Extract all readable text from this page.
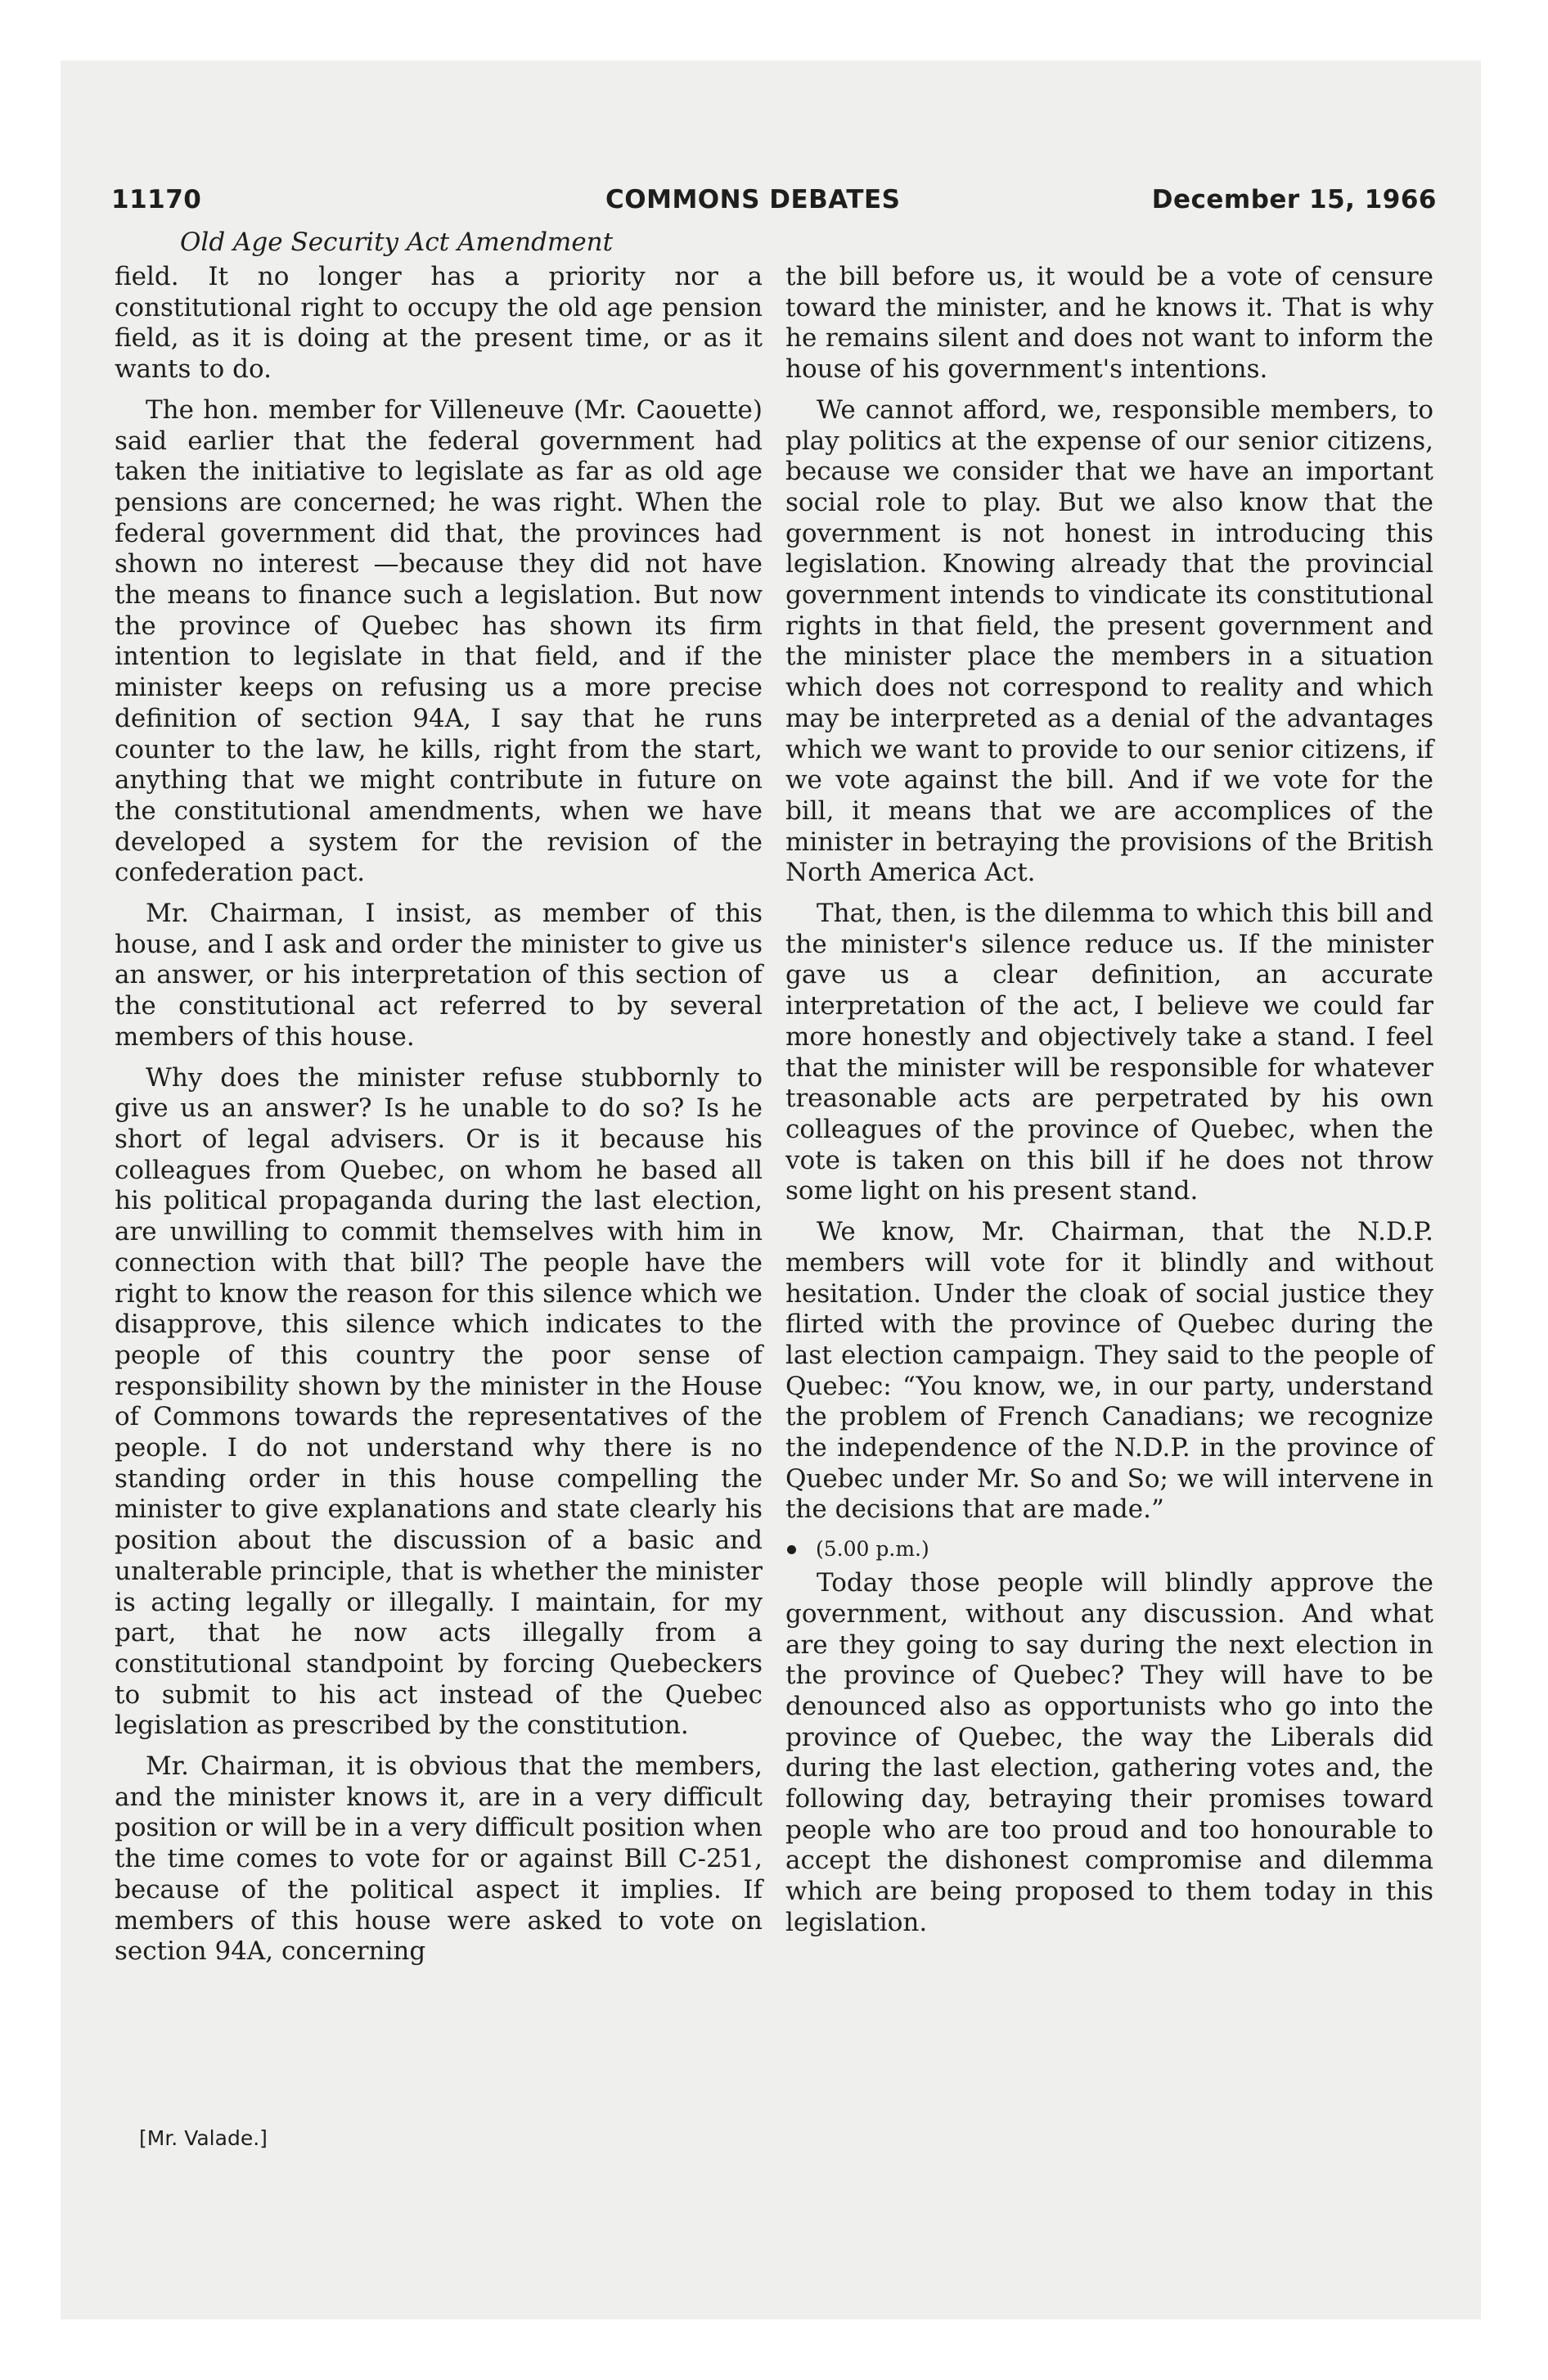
11170	COMMONS DEBATES	December 15, 1966
Old Age Security Act Amendment

field. It no longer has a priority nor a constitutional right to occupy the old age pension field, as it is doing at the present time, or as it wants to do.

The hon. member for Villeneuve (Mr. Caouette) said earlier that the federal government had taken the initiative to legislate as far as old age pensions are concerned; he was right. When the federal government did that, the provinces had shown no interest —because they did not have the means to finance such a legislation. But now the province of Quebec has shown its firm intention to legislate in that field, and if the minister keeps on refusing us a more precise definition of section 94A, I say that he runs counter to the law, he kills, right from the start, anything that we might contribute in future on the constitutional amendments, when we have developed a system for the revision of the confederation pact.

Mr. Chairman, I insist, as member of this house, and I ask and order the minister to give us an answer, or his interpretation of this section of the constitutional act referred to by several members of this house.

Why does the minister refuse stubbornly to give us an answer? Is he unable to do so? Is he short of legal advisers. Or is it because his colleagues from Quebec, on whom he based all his political propaganda during the last election, are unwilling to commit themselves with him in connection with that bill? The people have the right to know the reason for this silence which we disapprove, this silence which indicates to the people of this country the poor sense of responsibility shown by the minister in the House of Commons towards the representatives of the people. I do not understand why there is no standing order in this house compelling the minister to give explanations and state clearly his position about the discussion of a basic and unalterable principle, that is whether the minister is acting legally or illegally. I maintain, for my part, that he now acts illegally from a constitutional standpoint by forcing Quebeckers to submit to his act instead of the Quebec legislation as prescribed by the constitution.

Mr. Chairman, it is obvious that the members, and the minister knows it, are in a very difficult position or will be in a very difficult position when the time comes to vote for or against Bill C-251, because of the political aspect it implies. If members of this house were asked to vote on section 94A, concerning

the bill before us, it would be a vote of censure toward the minister, and he knows it. That is why he remains silent and does not want to inform the house of his government's intentions.

We cannot afford, we, responsible members, to play politics at the expense of our senior citizens, because we consider that we have an important social role to play. But we also know that the government is not honest in introducing this legislation. Knowing already that the provincial government intends to vindicate its constitutional rights in that field, the present government and the minister place the members in a situation which does not correspond to reality and which may be interpreted as a denial of the advantages which we want to provide to our senior citizens, if we vote against the bill. And if we vote for the bill, it means that we are accomplices of the minister in betraying the provisions of the British North America Act.

That, then, is the dilemma to which this bill and the minister's silence reduce us. If the minister gave us a clear definition, an accurate interpretation of the act, I believe we could far more honestly and objectively take a stand. I feel that the minister will be responsible for whatever treasonable acts are perpetrated by his own colleagues of the province of Quebec, when the vote is taken on this bill if he does not throw some light on his present stand.

We know, Mr. Chairman, that the N.D.P. members will vote for it blindly and without hesitation. Under the cloak of social justice they flirted with the province of Quebec during the last election campaign. They said to the people of Quebec: “You know, we, in our party, understand the problem of French Canadians; we recognize the independence of the N.D.P. in the province of Quebec under Mr. So and So; we will intervene in the decisions that are made.”

(5.00 p.m.)

Today those people will blindly approve the government, without any discussion. And what are they going to say during the next election in the province of Quebec? They will have to be denounced also as opportunists who go into the province of Quebec, the way the Liberals did during the last election, gathering votes and, the following day, betraying their promises toward people who are too proud and too honourable to accept the dishonest compromise and dilemma which are being proposed to them today in this legislation.

[Mr. Valade.]
